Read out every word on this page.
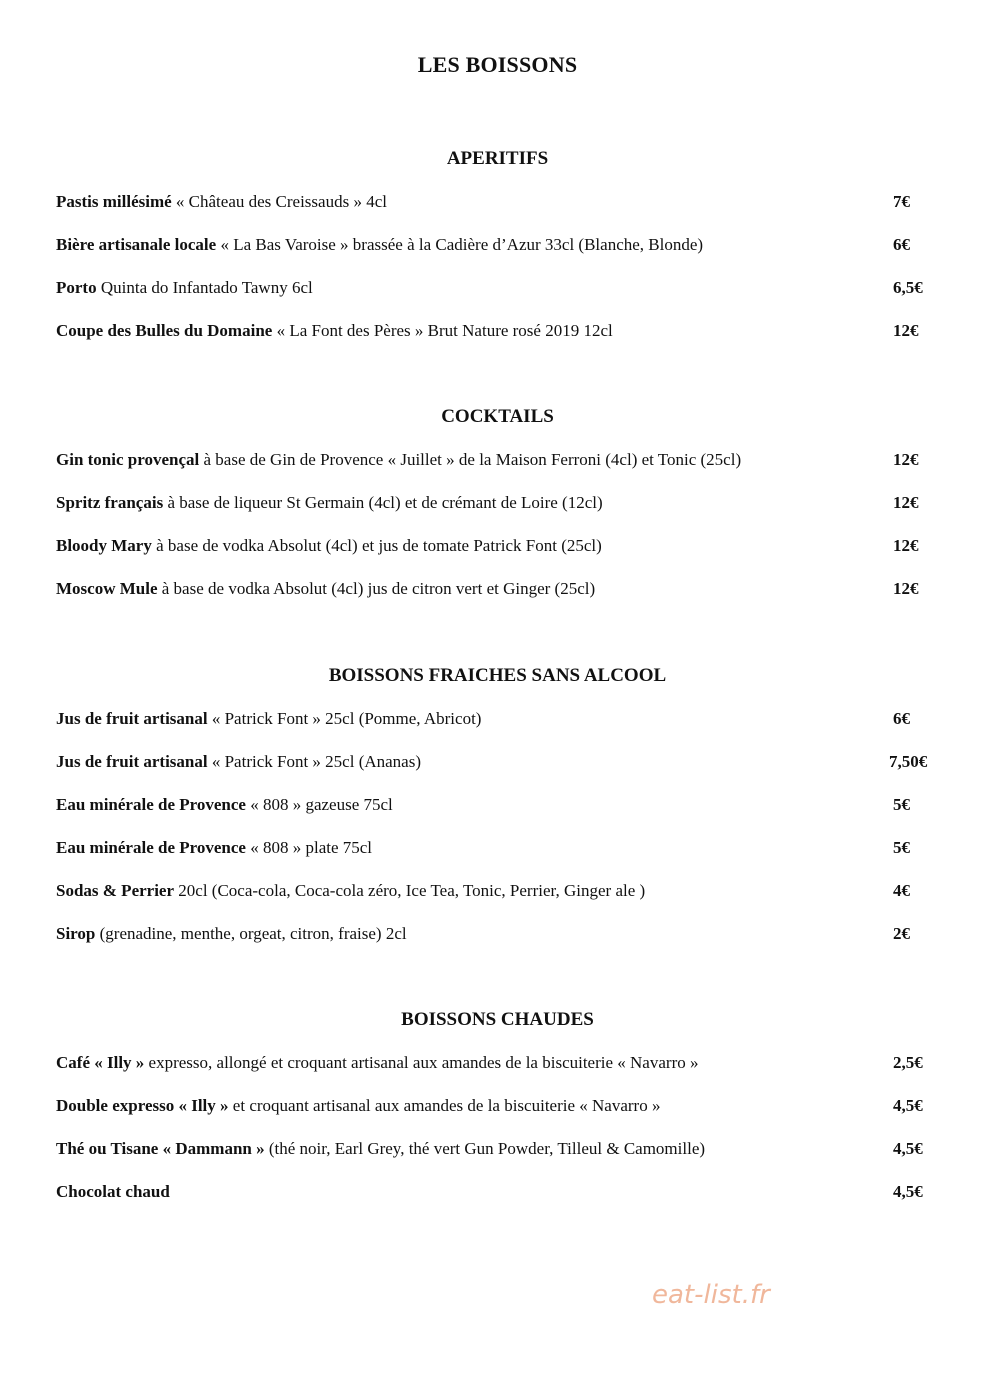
LES BOISSONS
APERITIFS
Pastis millésimé « Château des Creissauds » 4cl	7€
Bière artisanale locale « La Bas Varoise » brassée à la Cadière d’Azur 33cl (Blanche, Blonde)	6€
Porto Quinta do Infantado Tawny 6cl	6,5€
Coupe des Bulles du Domaine « La Font des Pères » Brut Nature rosé 2019 12cl	12€
COCKTAILS
Gin tonic provençal à base de Gin de Provence « Juillet » de la Maison Ferroni (4cl) et Tonic (25cl)	12€
Spritz français à base de liqueur St Germain (4cl) et de crémant de Loire (12cl)	12€
Bloody Mary à base de vodka Absolut (4cl) et jus de tomate Patrick Font (25cl)	12€
Moscow Mule à base de vodka Absolut (4cl) jus de citron vert et Ginger (25cl)	12€
BOISSONS FRAICHES SANS ALCOOL
Jus de fruit artisanal « Patrick Font » 25cl (Pomme, Abricot)	6€
Jus de fruit artisanal « Patrick Font » 25cl (Ananas)	7,50€
Eau minérale de Provence « 808 » gazeuse 75cl	5€
Eau minérale de Provence « 808 » plate 75cl	5€
Sodas & Perrier 20cl (Coca-cola, Coca-cola zéro, Ice Tea, Tonic, Perrier, Ginger ale )	4€
Sirop (grenadine, menthe, orgeat, citron, fraise) 2cl	2€
BOISSONS CHAUDES
Café « Illy » expresso, allongé et croquant artisanal aux amandes de la biscuiterie « Navarro »	2,5€
Double expresso « Illy » et croquant artisanal aux amandes de la biscuiterie « Navarro »	4,5€
Thé ou Tisane « Dammann » (thé noir, Earl Grey, thé vert Gun Powder, Tilleul & Camomille)	4,5€
Chocolat chaud	4,5€
eat-list.fr
